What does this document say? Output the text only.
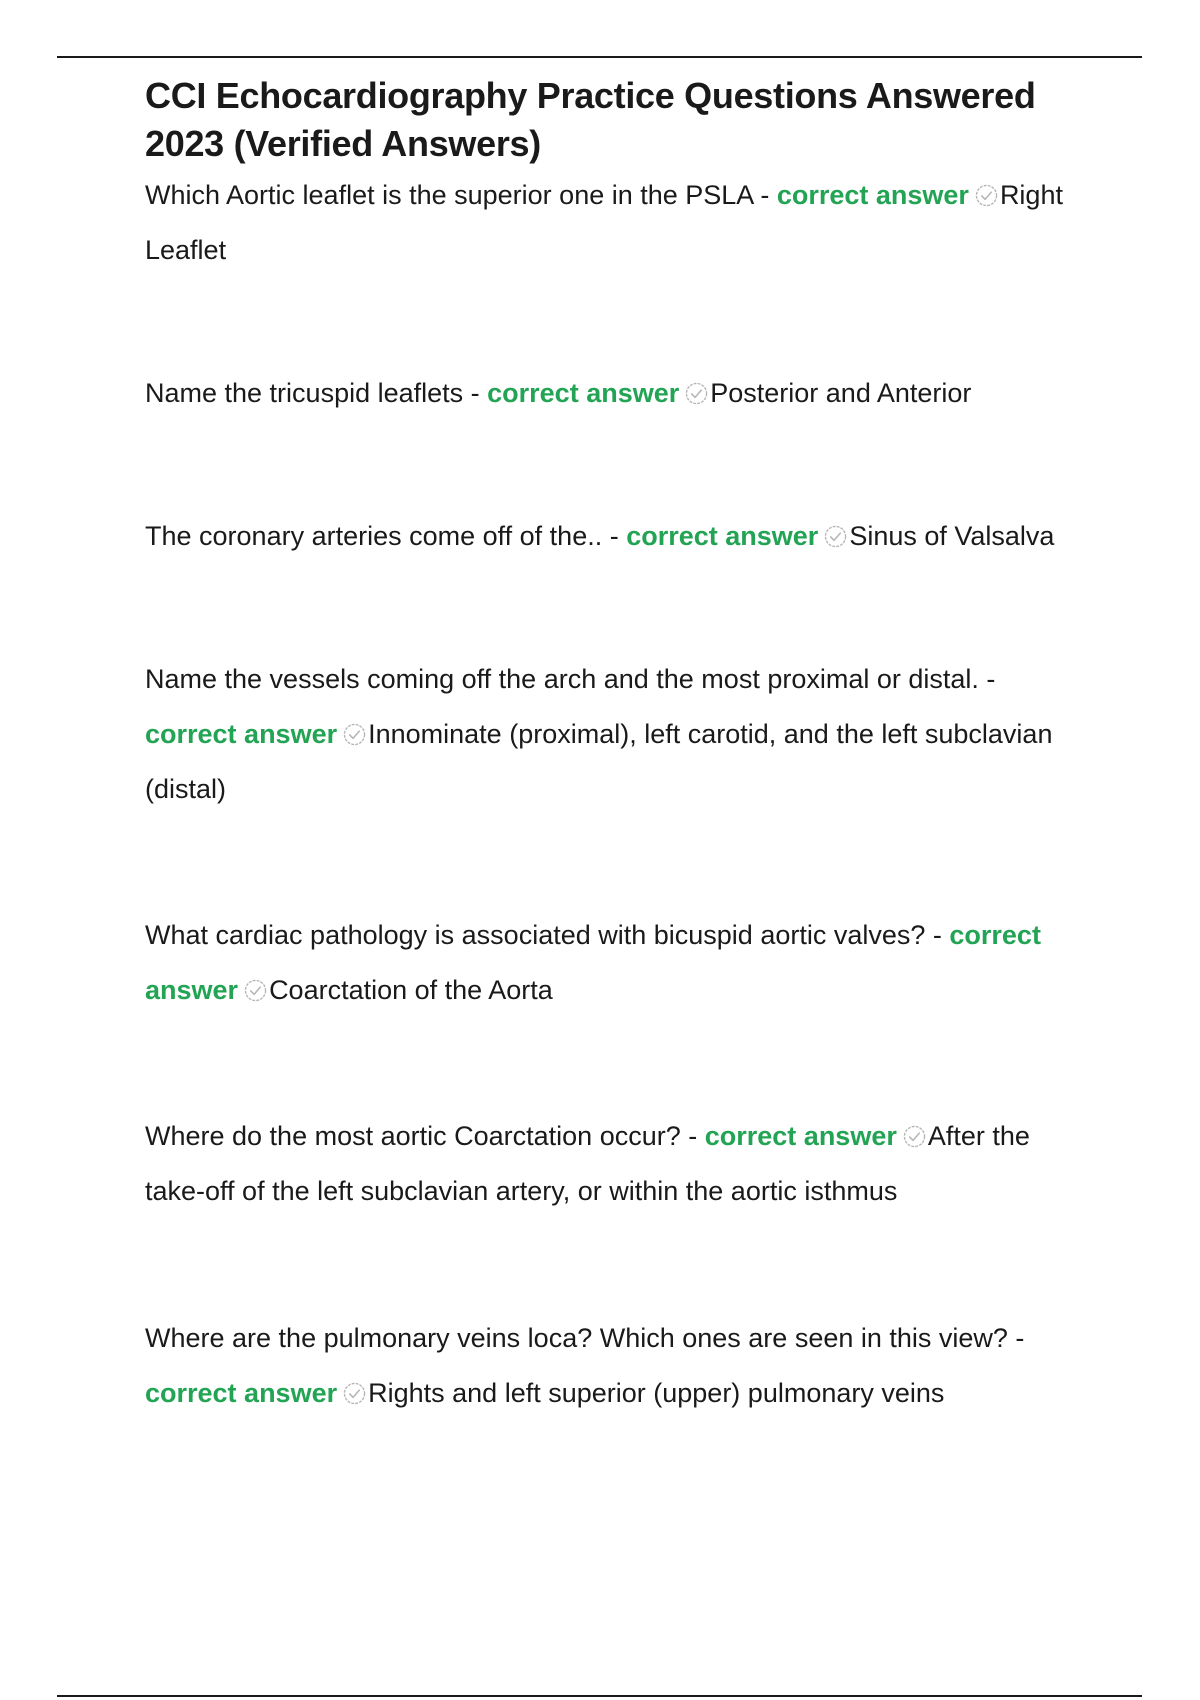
CCI Echocardiography Practice Questions Answered 2023 (Verified Answers)

Which Aortic leaflet is the superior one in the PSLA - correct answer Right Leaflet

Name the tricuspid leaflets - correct answer Posterior and Anterior

The coronary arteries come off of the.. - correct answer Sinus of Valsalva

Name the vessels coming off the arch and the most proximal or distal. - correct answer Innominate (proximal), left carotid, and the left subclavian (distal)

What cardiac pathology is associated with bicuspid aortic valves? - correct answer Coarctation of the Aorta

Where do the most aortic Coarctation occur? - correct answer After the take-off of the left subclavian artery, or within the aortic isthmus

Where are the pulmonary veins loca? Which ones are seen in this view? - correct answer Rights and left superior (upper) pulmonary veins
